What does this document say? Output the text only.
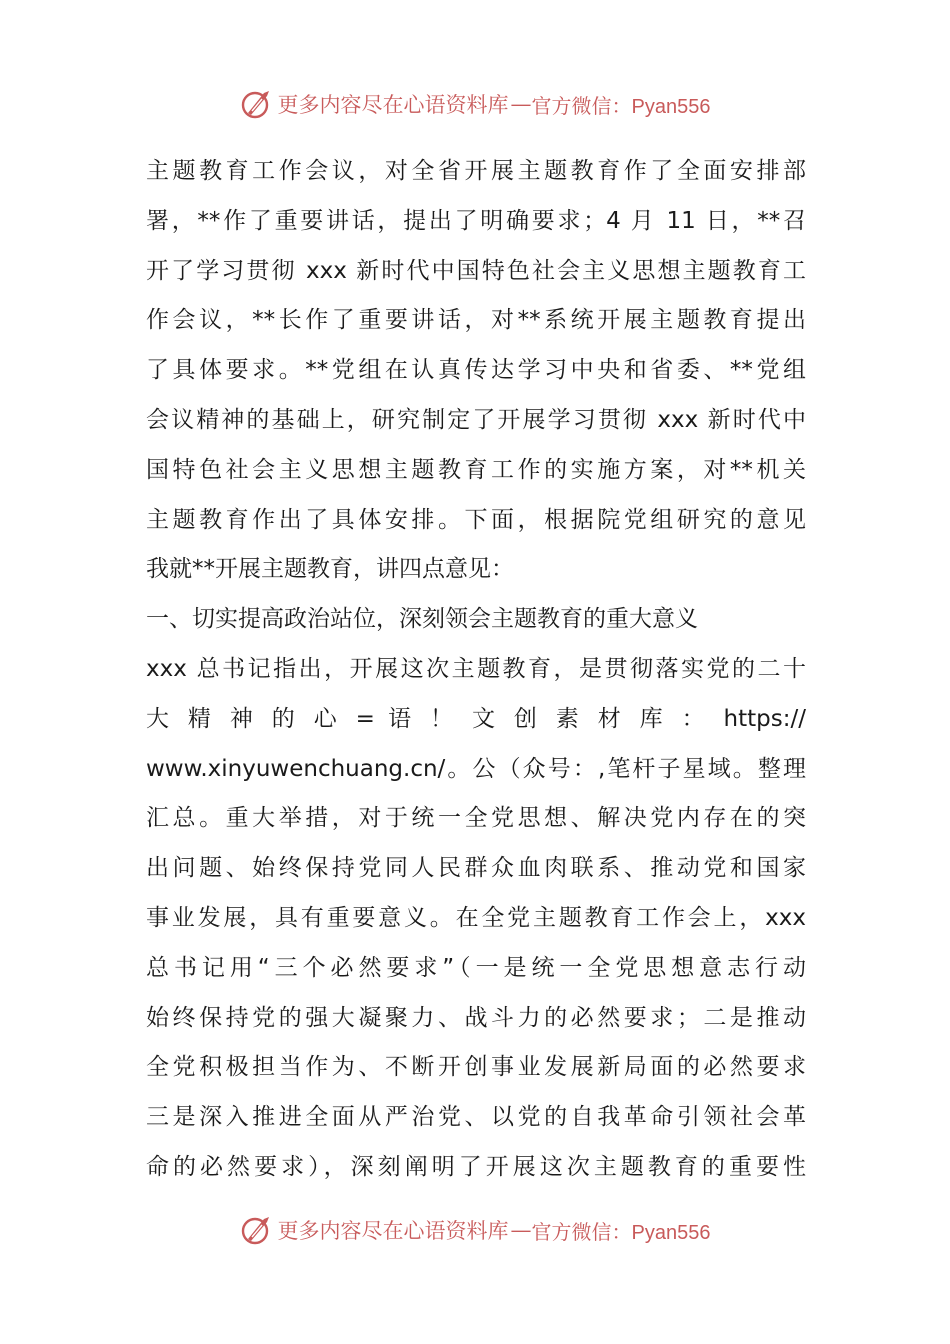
更多内容尽在心语资料库 — 官方微信：Pyan556
主题教育工作会议，对全省开展主题教育作了全面安排部
署，**作了重要讲话，提出了明确要求；4 月 11 日，**召
开了学习贯彻 xxx 新时代中国特色社会主义思想主题教育工
作会议，**长作了重要讲话，对**系统开展主题教育提出
了具体要求。**党组在认真传达学习中央和省委、**党组
会议精神的基础上，研究制定了开展学习贯彻 xxx 新时代中
国特色社会主义思想主题教育工作的实施方案，对**机关
主题教育作出了具体安排。下面，根据院党组研究的意见
我就**开展主题教育，讲四点意见：
一、切实提高政治站位，深刻领会主题教育的重大意义
xxx 总书记指出，开展这次主题教育，是贯彻落实党的二十
大 精 神 的 心 = 语 ！ 文 创 素 材 库 ： https://
www.xinyuwenchuang.cn/。公（众号：,笔杆子星域。整理
汇总。重大举措，对于统一全党思想、解决党内存在的突
出问题、始终保持党同人民群众血肉联系、推动党和国家
事业发展，具有重要意义。在全党主题教育工作会上，xxx
总书记用“三个必然要求”（一是统一全党思想意志行动
始终保持党的强大凝聚力、战斗力的必然要求；二是推动
全党积极担当作为、不断开创事业发展新局面的必然要求
三是深入推进全面从严治党、以党的自我革命引领社会革
命的必然要求），深刻阐明了开展这次主题教育的重要性
更多内容尽在心语资料库 — 官方微信：Pyan556
